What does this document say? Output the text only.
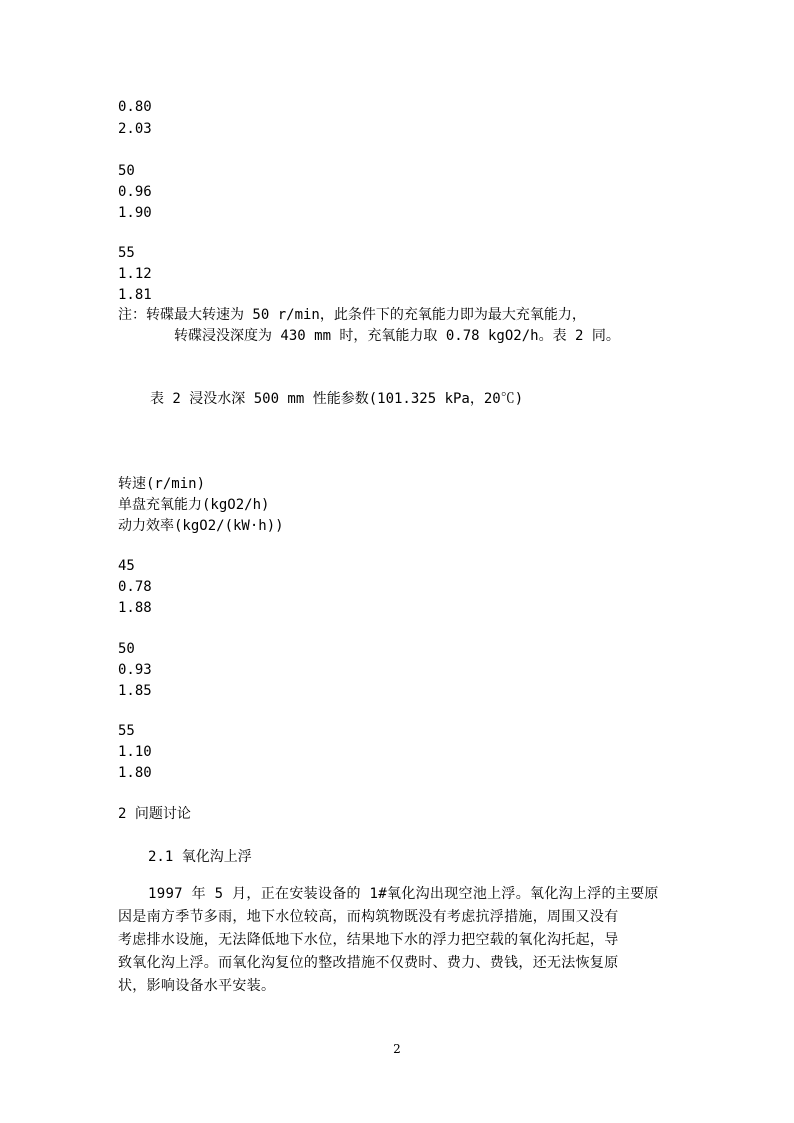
0.80
2.03
50
0.96
1.90
55
1.12
1.81
注：转碟最大转速为 50 r/min，此条件下的充氧能力即为最大充氧能力，
转碟浸没深度为 430 mm 时，充氧能力取 0.78 kgO2/h。表 2 同。
表 2 浸没水深 500 mm 性能参数(101.325 kPa，20℃)
转速(r/min)
单盘充氧能力(kgO2/h)
动力效率(kgO2/(kW·h))
45
0.78
1.88
50
0.93
1.85
55
1.10
1.80
2 问题讨论
2.1 氧化沟上浮

1997 年 5 月，正在安装设备的 1#氧化沟出现空池上浮。氧化沟上浮的主要原

因是南方季节多雨，地下水位较高，而构筑物既没有考虑抗浮措施，周围又没有

考虑排水设施，无法降低地下水位，结果地下水的浮力把空载的氧化沟托起，导

致氧化沟上浮。而氧化沟复位的整改措施不仅费时、费力、费钱，还无法恢复原

状，影响设备水平安装。

2
